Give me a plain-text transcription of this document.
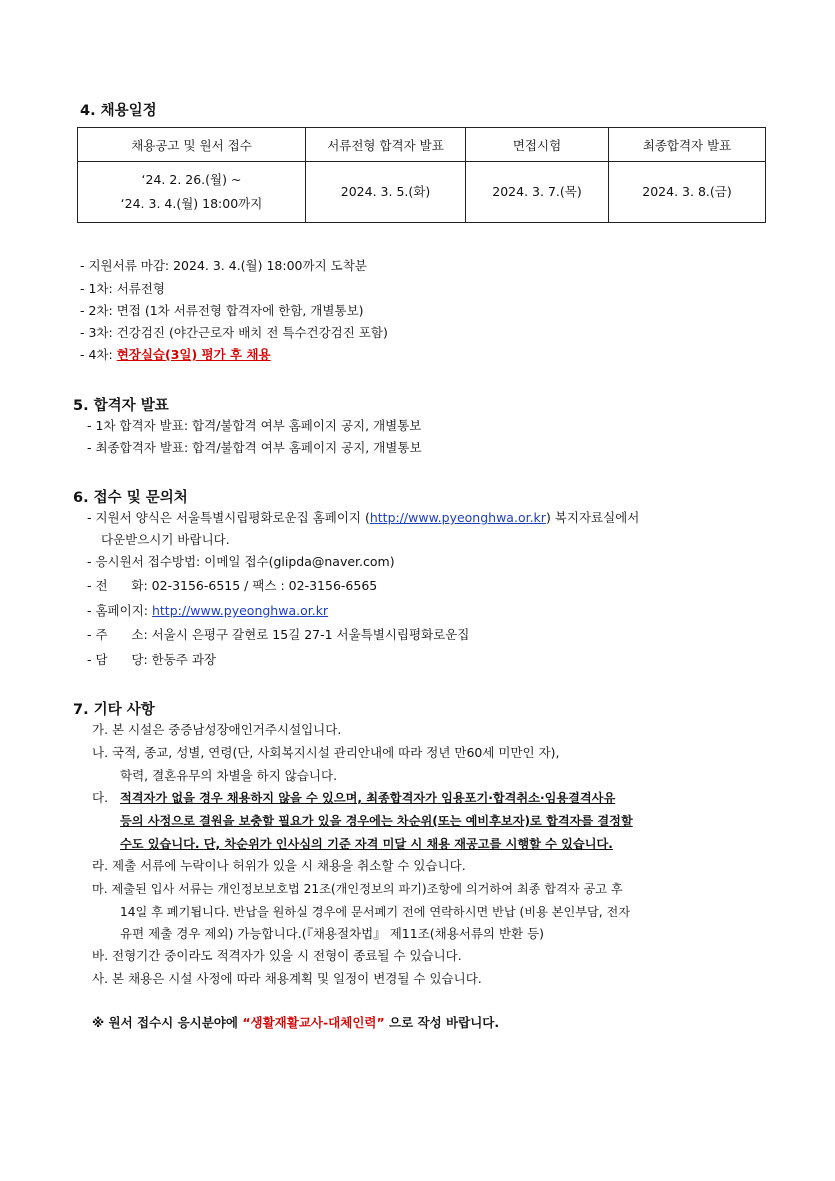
4. 채용일정
채용공고 및 원서 접수	서류전형 합격자 발표	면접시험	최종합격자 발표

‘24. 2. 26.(월) ~
‘24. 3. 4.(월) 18:00까지	2024. 3. 5.(화)	2024. 3. 7.(목)	2024. 3. 8.(금)
- 지원서류 마감: 2024. 3. 4.(월) 18:00까지 도착분
- 1차: 서류전형
- 2차: 면접 (1차 서류전형 합격자에 한함, 개별통보)
- 3차: 건강검진 (야간근로자 배치 전 특수건강검진 포함)
- 4차: 현장실습(3일) 평가 후 채용
5. 합격자 발표
- 1차 합격자 발표: 합격/불합격 여부 홈페이지 공지, 개별통보
- 최종합격자 발표: 합격/불합격 여부 홈페이지 공지, 개별통보
6. 접수 및 문의처
- 지원서 양식은 서울특별시립평화로운집 홈페이지 (http://www.pyeonghwa.or.kr) 복지자료실에서
다운받으시기 바랍니다.
- 응시원서 접수방법: 이메일 접수(glipda@naver.com)
- 전      화: 02-3156-6515 / 팩스 : 02-3156-6565
- 홈페이지: http://www.pyeonghwa.or.kr
- 주      소: 서울시 은평구 갈현로 15길 27-1 서울특별시립평화로운집
- 담      당: 한동주 과장
7. 기타 사항
가. 본 시설은 중증남성장애인거주시설입니다.
나. 국적, 종교, 성별, 연령(단, 사회복지시설 관리안내에 따라 정년 만60세 미만인 자),
학력, 결혼유무의 차별을 하지 않습니다.
다. 적격자가 없을 경우 채용하지 않을 수 있으며, 최종합격자가 임용포기·합격취소·임용결격사유
등의 사정으로 결원을 보충할 필요가 있을 경우에는 차순위(또는 예비후보자)로 합격자를 결정할
수도 있습니다. 단, 차순위가 인사심의 기준 자격 미달 시 채용 재공고를 시행할 수 있습니다.
라. 제출 서류에 누락이나 허위가 있을 시 채용을 취소할 수 있습니다.
마. 제출된 입사 서류는 개인정보보호법 21조(개인정보의 파기)조항에 의거하여 최종 합격자 공고 후
14일 후 폐기됩니다. 반납을 원하실 경우에 문서폐기 전에 연락하시면 반납 (비용 본인부담, 전자
유편 제출 경우 제외) 가능합니다.(『채용절차법』 제11조(채용서류의 반환 등)
바. 전형기간 중이라도 적격자가 있을 시 전형이 종료될 수 있습니다.
사. 본 채용은 시설 사정에 따라 채용계획 및 일정이 변경될 수 있습니다.
※ 원서 접수시 응시분야에 “생활재활교사-대체인력” 으로 작성 바랍니다.
